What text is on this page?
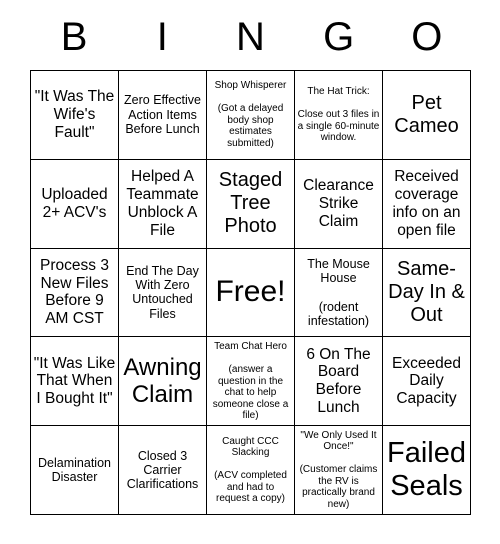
B	I	N	G	O
"It Was The Wife's Fault"
Zero Effective Action Items Before Lunch
Shop Whisperer

(Got a delayed body shop estimates submitted)
The Hat Trick:

Close out 3 files in a single 60-minute window.
Pet Cameo
Uploaded 2+ ACV's
Helped A Teammate Unblock A File
Staged Tree Photo
Clearance Strike Claim
Received coverage info on an open file
Process 3 New Files Before 9 AM CST
End The Day With Zero Untouched Files
Free!
The Mouse House

(rodent infestation)
Same-Day In & Out
"It Was Like That When I Bought It"
Awning Claim
Team Chat Hero

(answer a question in the chat to help someone close a file)
6 On The Board Before Lunch
Exceeded Daily Capacity
Delamination Disaster
Closed 3 Carrier Clarifications
Caught CCC Slacking

(ACV completed and had to request a copy)
"We Only Used It Once!"

(Customer claims the RV is practically brand new)
Failed Seals
